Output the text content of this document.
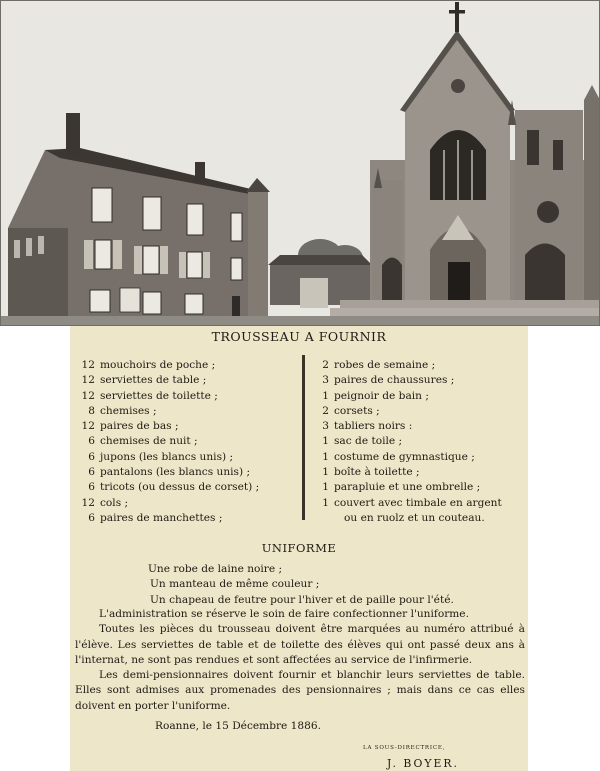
TROUSSEAU A FOURNIR
12 mouchoirs de poche ;
12 serviettes de table ;
12 serviettes de toilette ;
8 chemises ;
12 paires de bas ;
6 chemises de nuit ;
6 jupons (les blancs unis) ;
6 pantalons (les blancs unis) ;
6 tricots (ou dessus de corset) ;
12 cols ;
6 paires de manchettes ;
2 robes de semaine ;
3 paires de chaussures ;
1 peignoir de bain ;
2 corsets ;
3 tabliers noirs :
1 sac de toile ;
1 costume de gymnastique ;
1 boîte à toilette ;
1 parapluie et une ombrelle ;
1 couvert avec timbale en argent
ou en ruolz et un couteau.
UNIFORME
Une robe de laine noire ;
Un manteau de même couleur ;
Un chapeau de feutre pour l'hiver et de paille pour l'été.
L'administration se réserve le soin de faire confectionner l'uniforme.
Toutes les pièces du trousseau doivent être marquées au numéro attribué à l'élève. Les serviettes de table et de toilette des élèves qui ont passé deux ans à l'internat, ne sont pas rendues et sont affectées au service de l'infirmerie.
Les demi-pensionnaires doivent fournir et blanchir leurs serviettes de table. Elles sont admises aux promenades des pensionnaires ; mais dans ce cas elles doivent en porter l'uniforme.
Roanne, le 15 Décembre 1886.
LA SOUS-DIRECTRICE,
J. BOYER.
